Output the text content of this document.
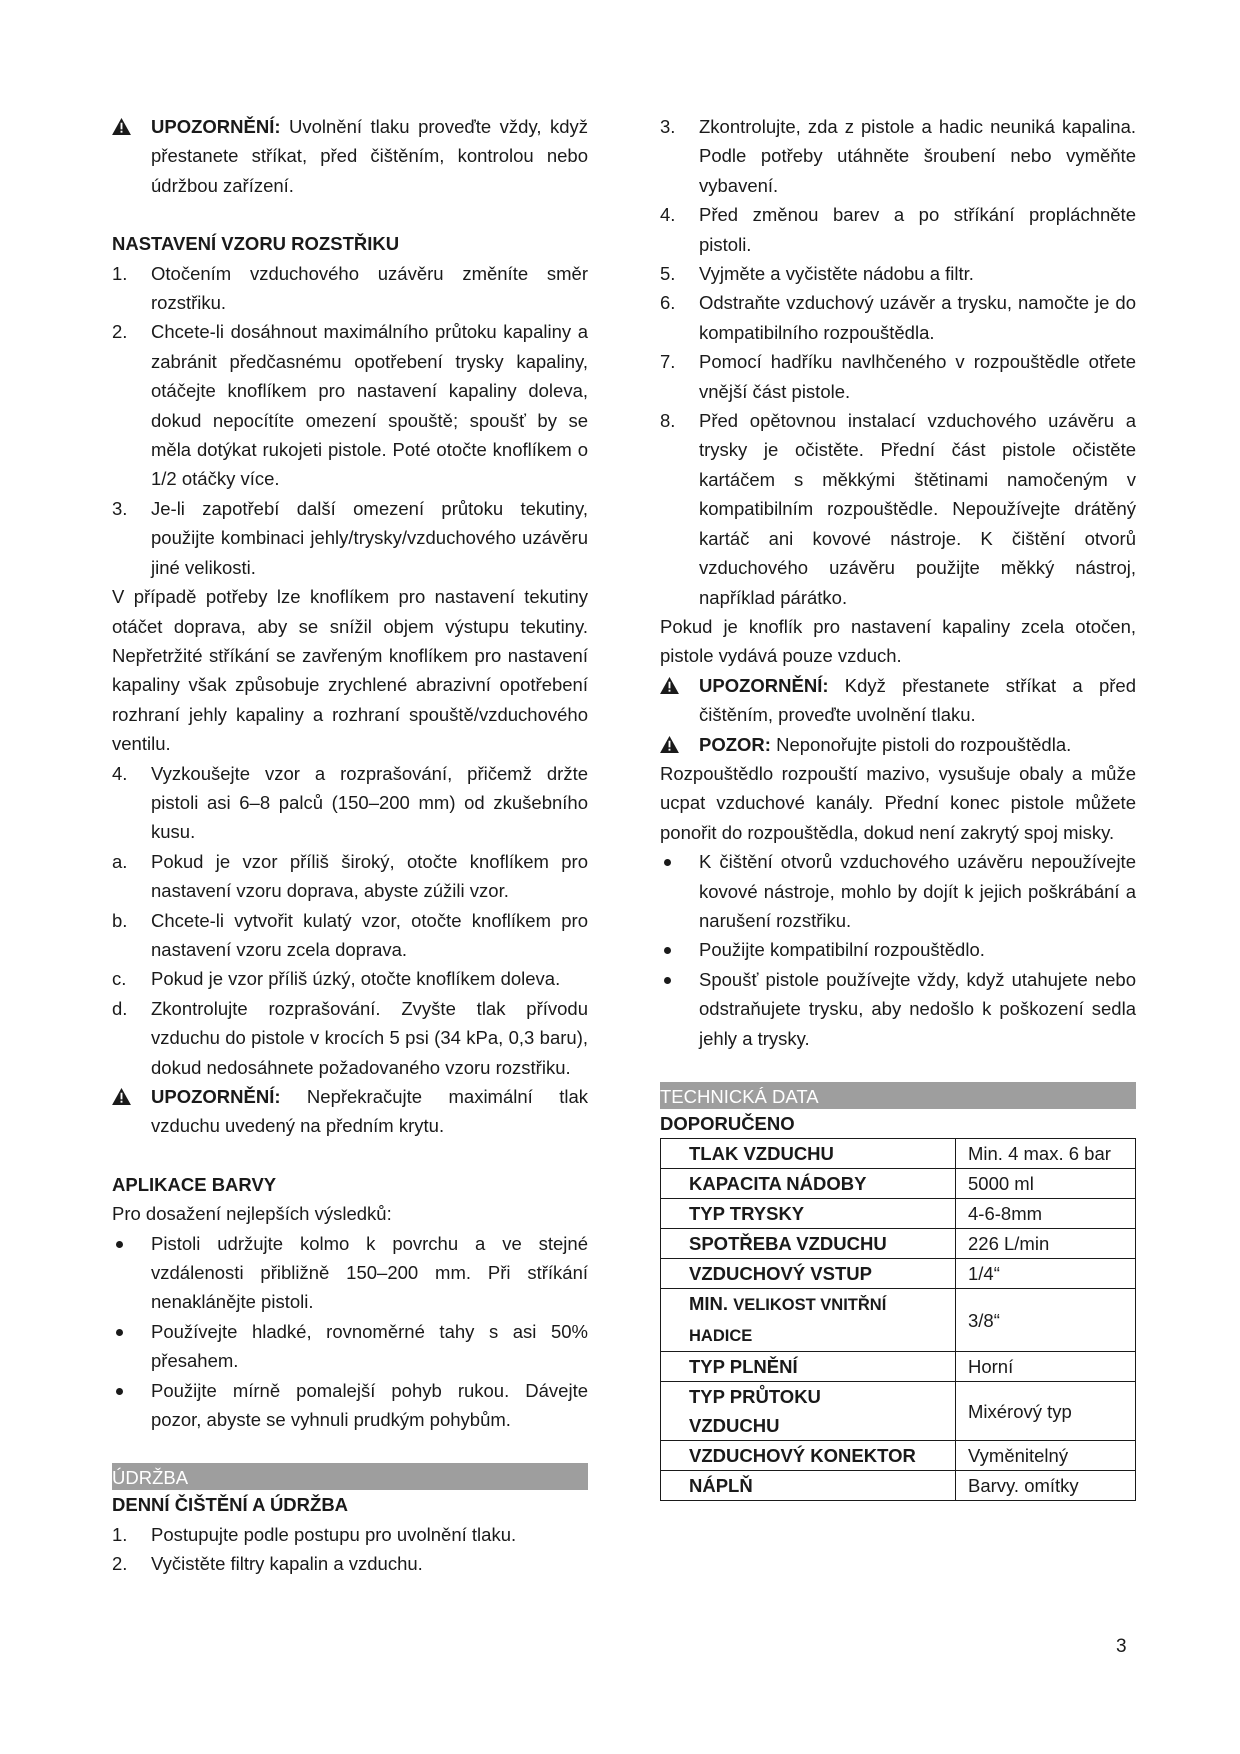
UPOZORNĚNÍ: Uvolnění tlaku proveďte vždy, když přestanete stříkat, před čištěním, kontrolou nebo údržbou zařízení.
NASTAVENÍ VZORU ROZSTŘIKU
1. Otočením vzduchového uzávěru změníte směr rozstřiku.
2. Chcete-li dosáhnout maximálního průtoku kapaliny a zabránit předčasnému opotřebení trysky kapaliny, otáčejte knoflíkem pro nastavení kapaliny doleva, dokud nepocítíte omezení spouště; spoušť by se měla dotýkat rukojeti pistole. Poté otočte knoflíkem o 1/2 otáčky více.
3. Je-li zapotřebí další omezení průtoku tekutiny, použijte kombinaci jehly/trysky/vzduchového uzávěru jiné velikosti.
V případě potřeby lze knoflíkem pro nastavení tekutiny otáčet doprava, aby se snížil objem výstupu tekutiny. Nepřetržité stříkání se zavřeným knoflíkem pro nastavení kapaliny však způsobuje zrychlené abrazivní opotřebení rozhraní jehly kapaliny a rozhraní spouště/vzduchového ventilu.
4. Vyzkoušejte vzor a rozprašování, přičemž držte pistoli asi 6–8 palců (150–200 mm) od zkušebního kusu.
a. Pokud je vzor příliš široký, otočte knoflíkem pro nastavení vzoru doprava, abyste zúžili vzor.
b. Chcete-li vytvořit kulatý vzor, otočte knoflíkem pro nastavení vzoru zcela doprava.
c. Pokud je vzor příliš úzký, otočte knoflíkem doleva.
d. Zkontrolujte rozprašování. Zvyšte tlak přívodu vzduchu do pistole v krocích 5 psi (34 kPa, 0,3 baru), dokud nedosáhnete požadovaného vzoru rozstřiku.
UPOZORNĚNÍ: Nepřekračujte maximální tlak vzduchu uvedený na předním krytu.
APLIKACE BARVY
Pro dosažení nejlepších výsledků:
Pistoli udržujte kolmo k povrchu a ve stejné vzdálenosti přibližně 150–200 mm. Při stříkání nenaklánějte pistoli.
Používejte hladké, rovnoměrné tahy s asi 50% přesahem.
Použijte mírně pomalejší pohyb rukou. Dávejte pozor, abyste se vyhnuli prudkým pohybům.
ÚDRŽBA
DENNÍ ČIŠTĚNÍ A ÚDRŽBA
1. Postupujte podle postupu pro uvolnění tlaku.
2. Vyčistěte filtry kapalin a vzduchu.
3. Zkontrolujte, zda z pistole a hadic neuniká kapalina. Podle potřeby utáhněte šroubení nebo vyměňte vybavení.
4. Před změnou barev a po stříkání propláchněte pistoli.
5. Vyjměte a vyčistěte nádobu a filtr.
6. Odstraňte vzduchový uzávěr a trysku, namočte je do kompatibilního rozpouštědla.
7. Pomocí hadříku navlhčeného v rozpouštědle otřete vnější část pistole.
8. Před opětovnou instalací vzduchového uzávěru a trysky je očistěte. Přední část pistole očistěte kartáčem s měkkými štětinami namočeným v kompatibilním rozpouštědle. Nepoužívejte drátěný kartáč ani kovové nástroje. K čištění otvorů vzduchového uzávěru použijte měkký nástroj, například párátko.
Pokud je knoflík pro nastavení kapaliny zcela otočen, pistole vydává pouze vzduch.
UPOZORNĚNÍ: Když přestanete stříkat a před čištěním, proveďte uvolnění tlaku.
POZOR: Neponořujte pistoli do rozpouštědla.
Rozpouštědlo rozpouští mazivo, vysušuje obaly a může ucpat vzduchové kanály. Přední konec pistole můžete ponořit do rozpouštědla, dokud není zakrytý spoj misky.
K čištění otvorů vzduchového uzávěru nepoužívejte kovové nástroje, mohlo by dojít k jejich poškrábání a narušení rozstřiku.
Použijte kompatibilní rozpouštědlo.
Spoušť pistole používejte vždy, když utahujete nebo odstraňujete trysku, aby nedošlo k poškození sedla jehly a trysky.
TECHNICKÁ DATA
DOPORUČENO
TLAK VZDUCHU	Min. 4 max. 6 bar
KAPACITA NÁDOBY	5000 ml
TYP TRYSKY	4-6-8mm
SPOTŘEBA VZDUCHU	226 L/min
VZDUCHOVÝ VSTUP	1/4“
MIN. VELIKOST VNITŘNÍ
HADICE	3/8“
TYP PLNĚNÍ	Horní
TYP PRŮTOKU
VZDUCHU	Mixérový typ
VZDUCHOVÝ KONEKTOR	Vyměnitelný
NÁPLŇ	Barvy. omítky
3
